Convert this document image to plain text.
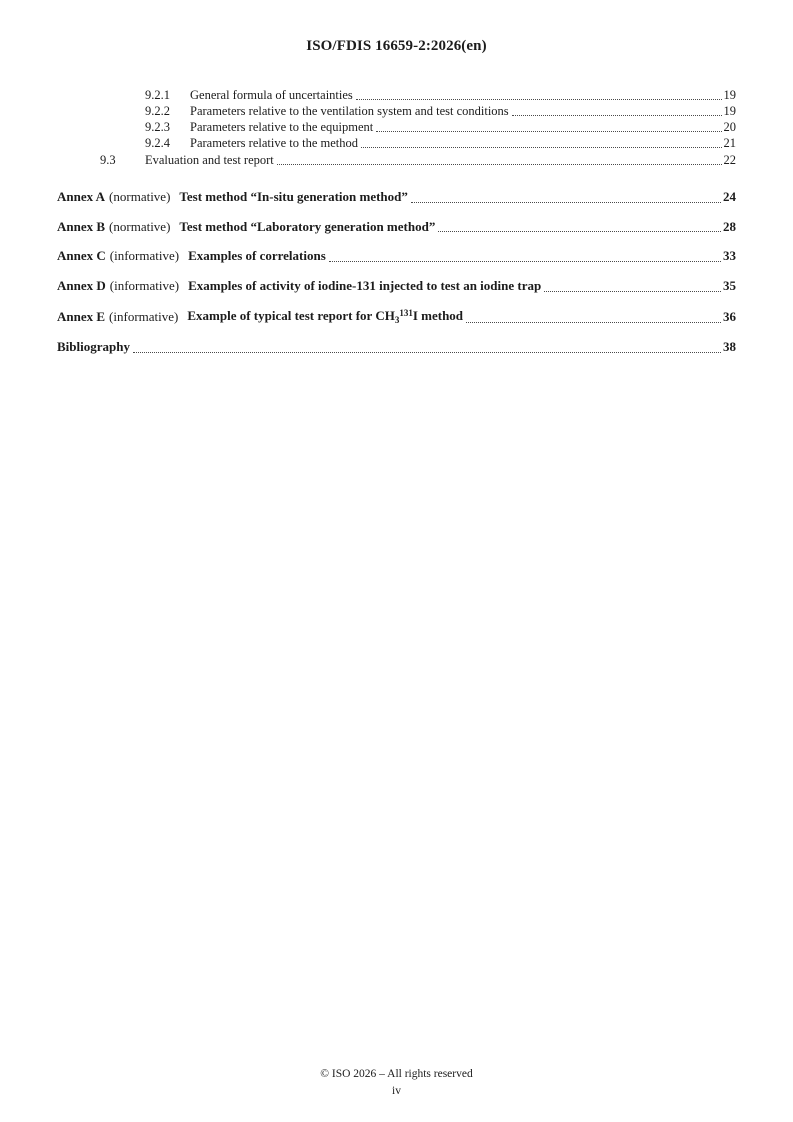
ISO/FDIS 16659-2:2026(en)
9.2.1	General formula of uncertainties	19
9.2.2	Parameters relative to the ventilation system and test conditions	19
9.2.3	Parameters relative to the equipment	20
9.2.4	Parameters relative to the method	21
9.3	Evaluation and test report	22
Annex A (normative) Test method “In-situ generation method”	24
Annex B (normative) Test method “Laboratory generation method”	28
Annex C (informative) Examples of correlations	33
Annex D (informative) Examples of activity of iodine-131 injected to test an iodine trap	35
Annex E (informative) Example of typical test report for $CH_3^{131}I$ method	36
Bibliography	38
© ISO 2026 – All rights reserved
iv
